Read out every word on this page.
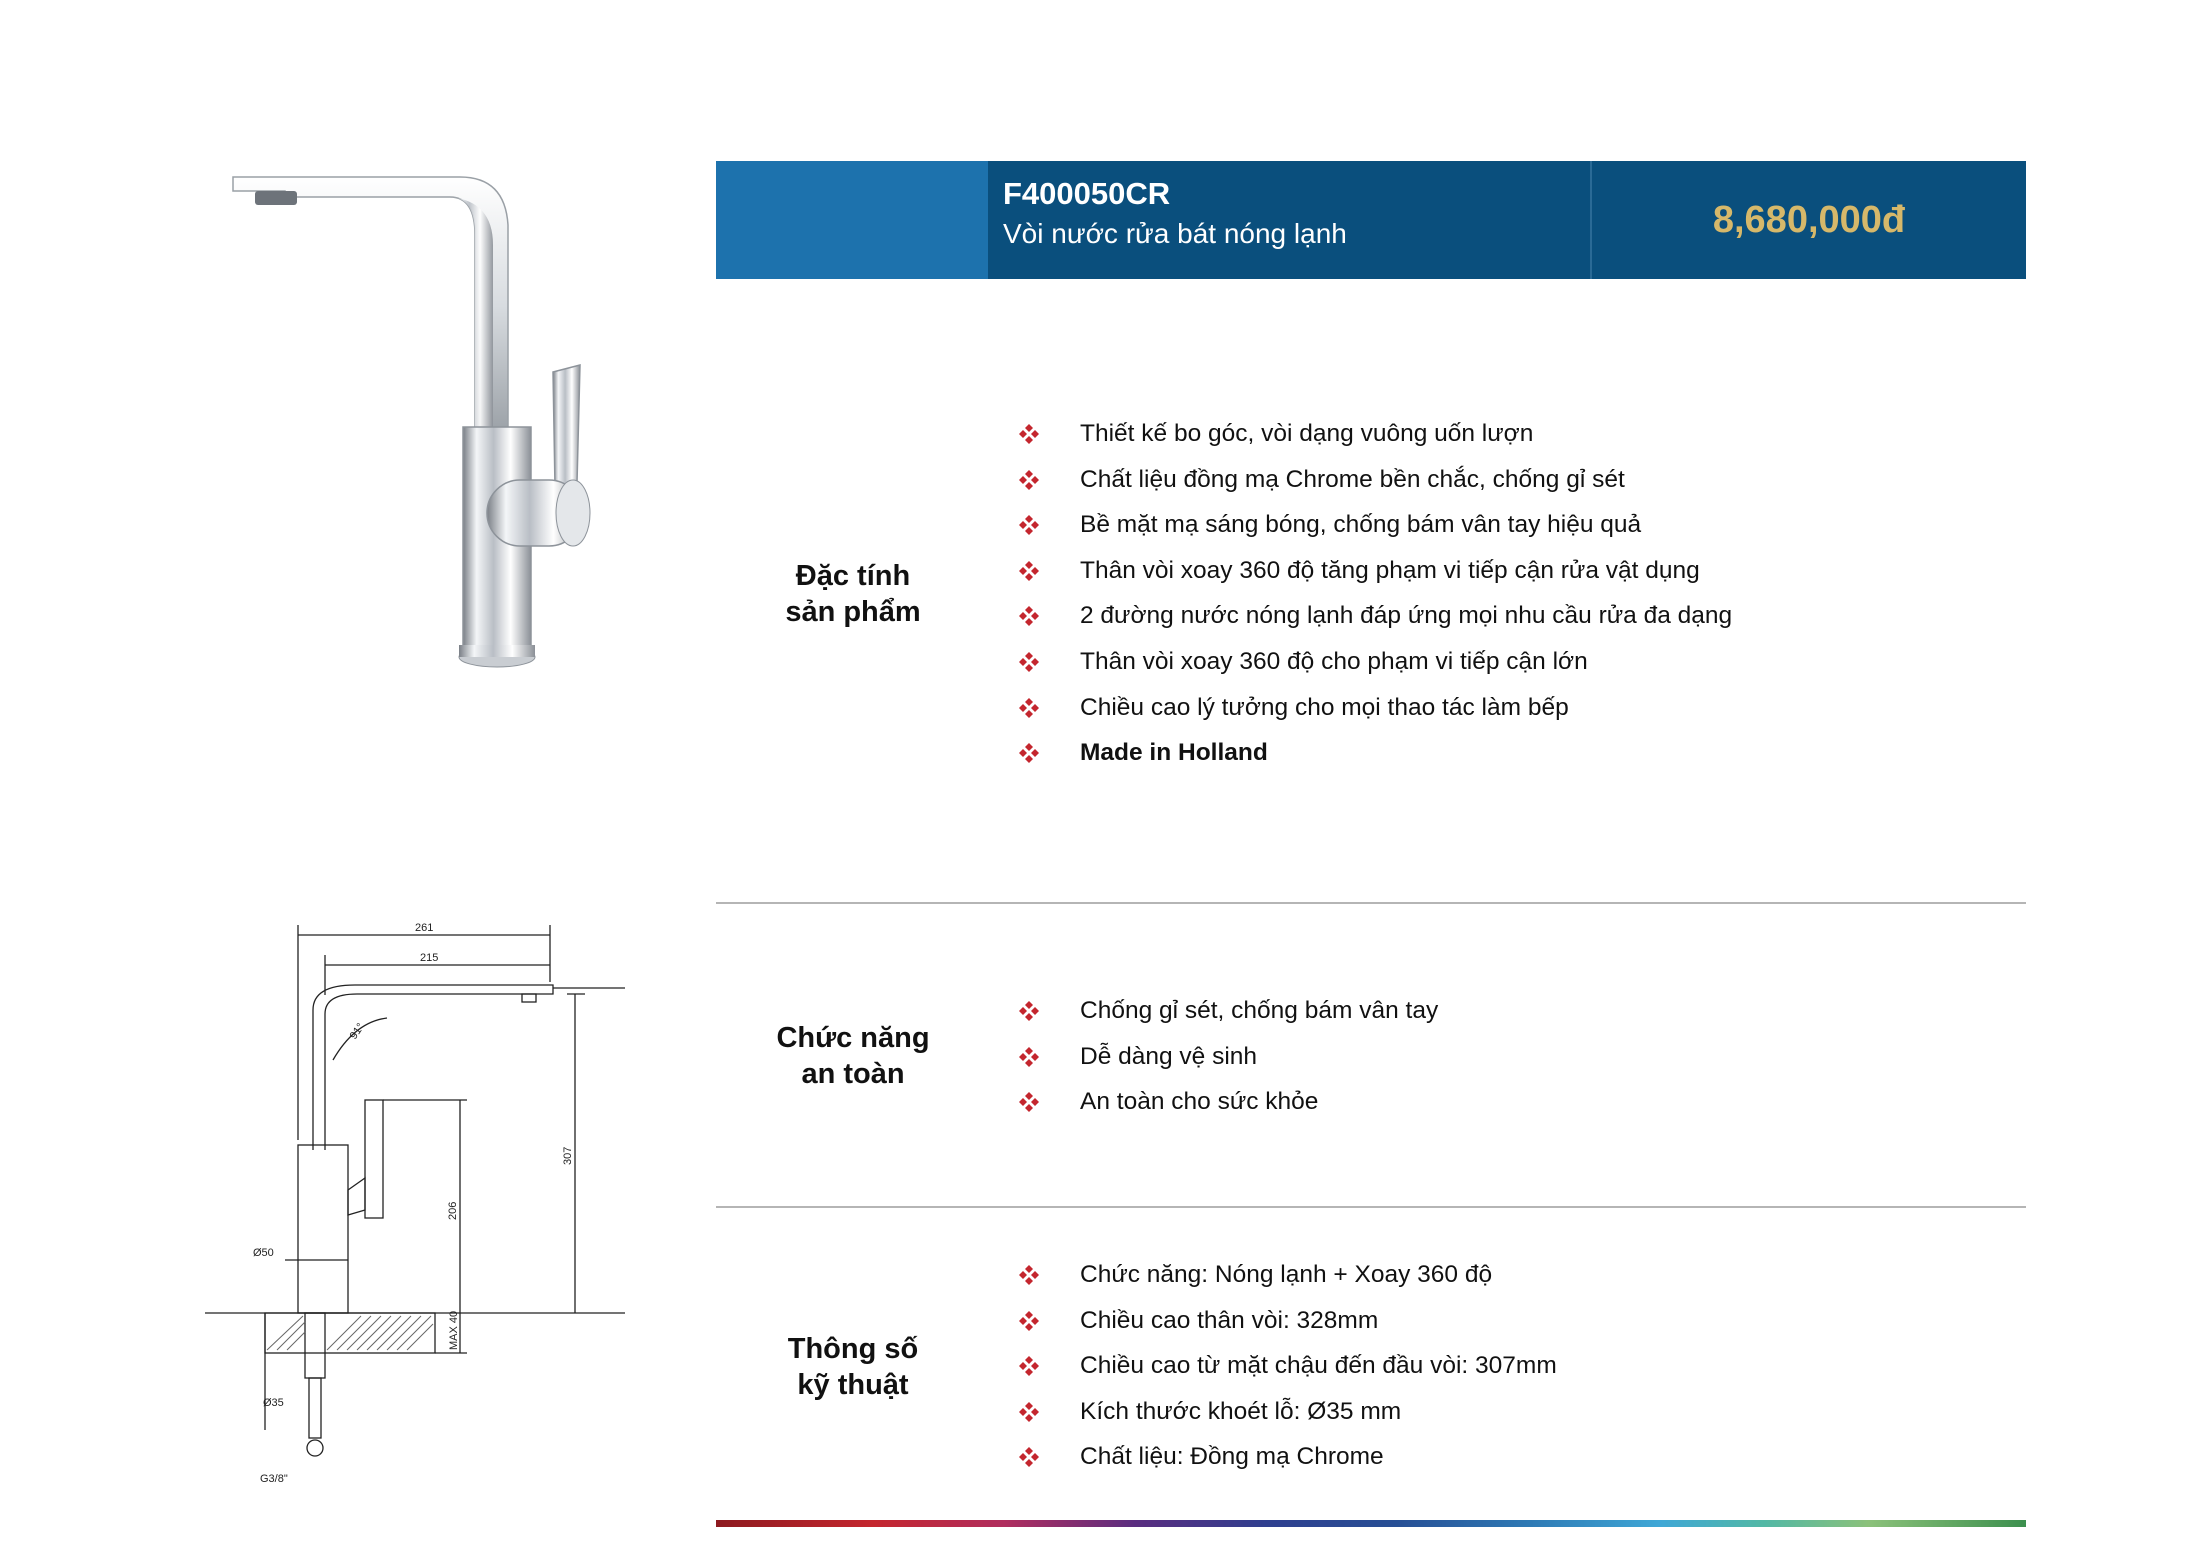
261
215
91°
307
206
Ø50
MAX 40
Ø35
G3/8"
F400050CR
Vòi nước rửa bát nóng lạnh	8,680,000đ
Đặc tính
sản phẩm
Thiết kế bo góc, vòi dạng vuông uốn lượn
Chất liệu đồng mạ Chrome bền chắc, chống gỉ sét
Bề mặt mạ sáng bóng, chống bám vân tay hiệu quả
Thân vòi xoay 360 độ tăng phạm vi tiếp cận rửa vật dụng
2 đường nước nóng lạnh đáp ứng mọi nhu cầu rửa đa dạng
Thân vòi xoay 360 độ cho phạm vi tiếp cận lớn
Chiều cao lý tưởng cho mọi thao tác làm bếp
Made in Holland
Chức năng
an toàn
Chống gỉ sét, chống bám vân tay
Dễ dàng vệ sinh
An toàn cho sức khỏe
Thông số
kỹ thuật
Chức năng: Nóng lạnh + Xoay 360 độ
Chiều cao thân vòi: 328mm
Chiều cao từ mặt chậu đến đầu vòi: 307mm
Kích thước khoét lỗ: Ø35 mm
Chất liệu: Đồng mạ Chrome
